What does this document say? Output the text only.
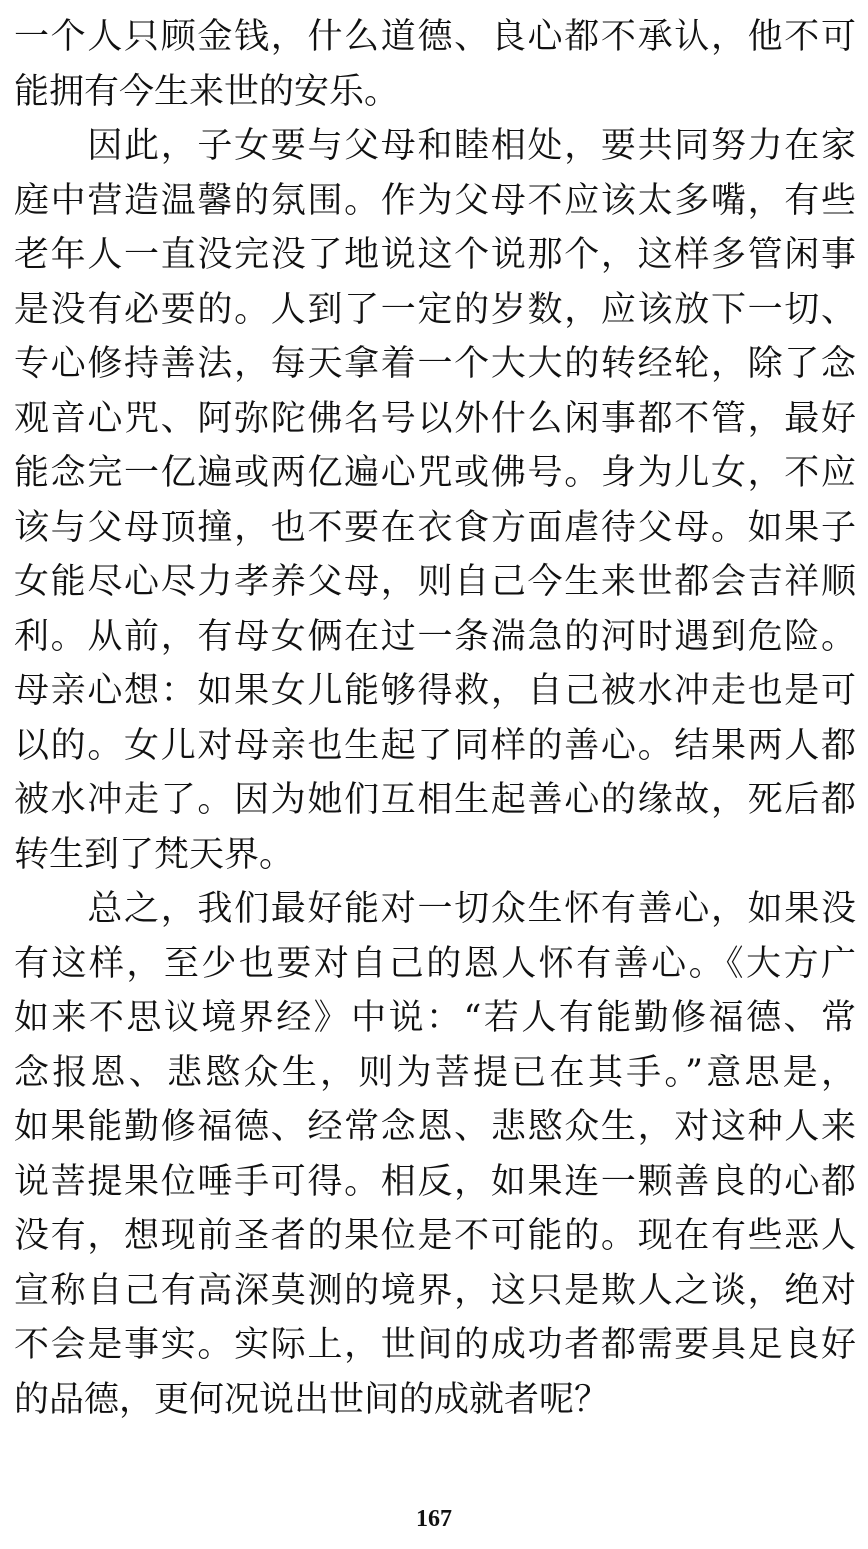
一个人只顾金钱，什么道德、良心都不承认，他不可
能拥有今生来世的安乐。
　　因此，子女要与父母和睦相处，要共同努力在家
庭中营造温馨的氛围。作为父母不应该太多嘴，有些
老年人一直没完没了地说这个说那个，这样多管闲事
是没有必要的。人到了一定的岁数，应该放下一切、
专心修持善法，每天拿着一个大大的转经轮，除了念
观音心咒、阿弥陀佛名号以外什么闲事都不管，最好
能念完一亿遍或两亿遍心咒或佛号。身为儿女，不应
该与父母顶撞，也不要在衣食方面虐待父母。如果子
女能尽心尽力孝养父母，则自己今生来世都会吉祥顺
利。从前，有母女俩在过一条湍急的河时遇到危险。
母亲心想：如果女儿能够得救，自己被水冲走也是可
以的。女儿对母亲也生起了同样的善心。结果两人都
被水冲走了。因为她们互相生起善心的缘故，死后都
转生到了梵天界。
　　总之，我们最好能对一切众生怀有善心，如果没
有这样，至少也要对自己的恩人怀有善心。《大方广
如来不思议境界经》中说：“若人有能勤修福德、常
念报恩、悲愍众生，则为菩提已在其手。”意思是，
如果能勤修福德、经常念恩、悲愍众生，对这种人来
说菩提果位唾手可得。相反，如果连一颗善良的心都
没有，想现前圣者的果位是不可能的。现在有些恶人
宣称自己有高深莫测的境界，这只是欺人之谈，绝对
不会是事实。实际上，世间的成功者都需要具足良好
的品德，更何况说出世间的成就者呢？
167
